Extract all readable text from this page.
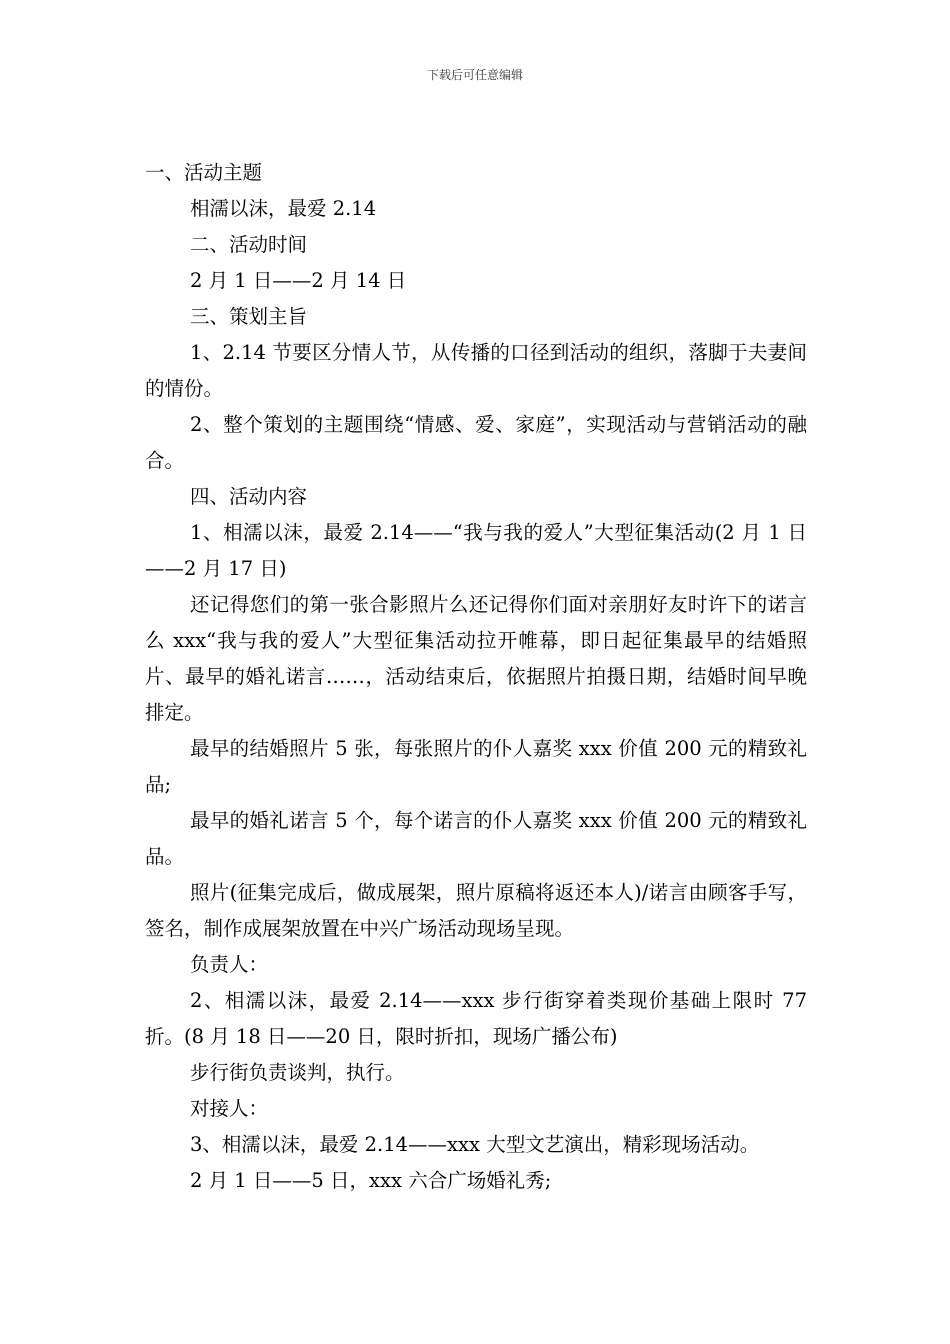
下载后可任意编辑

一、活动主题

相濡以沫，最爱 2.14

二、活动时间

2 月 1 日——2 月 14 日

三、策划主旨

1、2.14 节要区分情人节，从传播的口径到活动的组织，落脚于夫妻间的情份。

2、整个策划的主题围绕“情感、爱、家庭”，实现活动与营销活动的融合。

四、活动内容

1、相濡以沫，最爱 2.14——“我与我的爱人”大型征集活动(2 月 1 日——2 月 17 日)

还记得您们的第一张合影照片么还记得你们面对亲朋好友时许下的诺言么 xxx“我与我的爱人”大型征集活动拉开帷幕，即日起征集最早的结婚照片、最早的婚礼诺言……，活动结束后，依据照片拍摄日期，结婚时间早晚排定。

最早的结婚照片 5 张，每张照片的仆人嘉奖 xxx 价值 200 元的精致礼品;

最早的婚礼诺言 5 个，每个诺言的仆人嘉奖 xxx 价值 200 元的精致礼品。

照片(征集完成后，做成展架，照片原稿将返还本人)/诺言由顾客手写，签名，制作成展架放置在中兴广场活动现场呈现。

负责人：

2、相濡以沫，最爱 2.14——xxx 步行街穿着类现价基础上限时 77 折。(8 月 18 日——20 日，限时折扣，现场广播公布)

步行街负责谈判，执行。

对接人：

3、相濡以沫，最爱 2.14——xxx 大型文艺演出，精彩现场活动。

2 月 1 日——5 日，xxx 六合广场婚礼秀;
